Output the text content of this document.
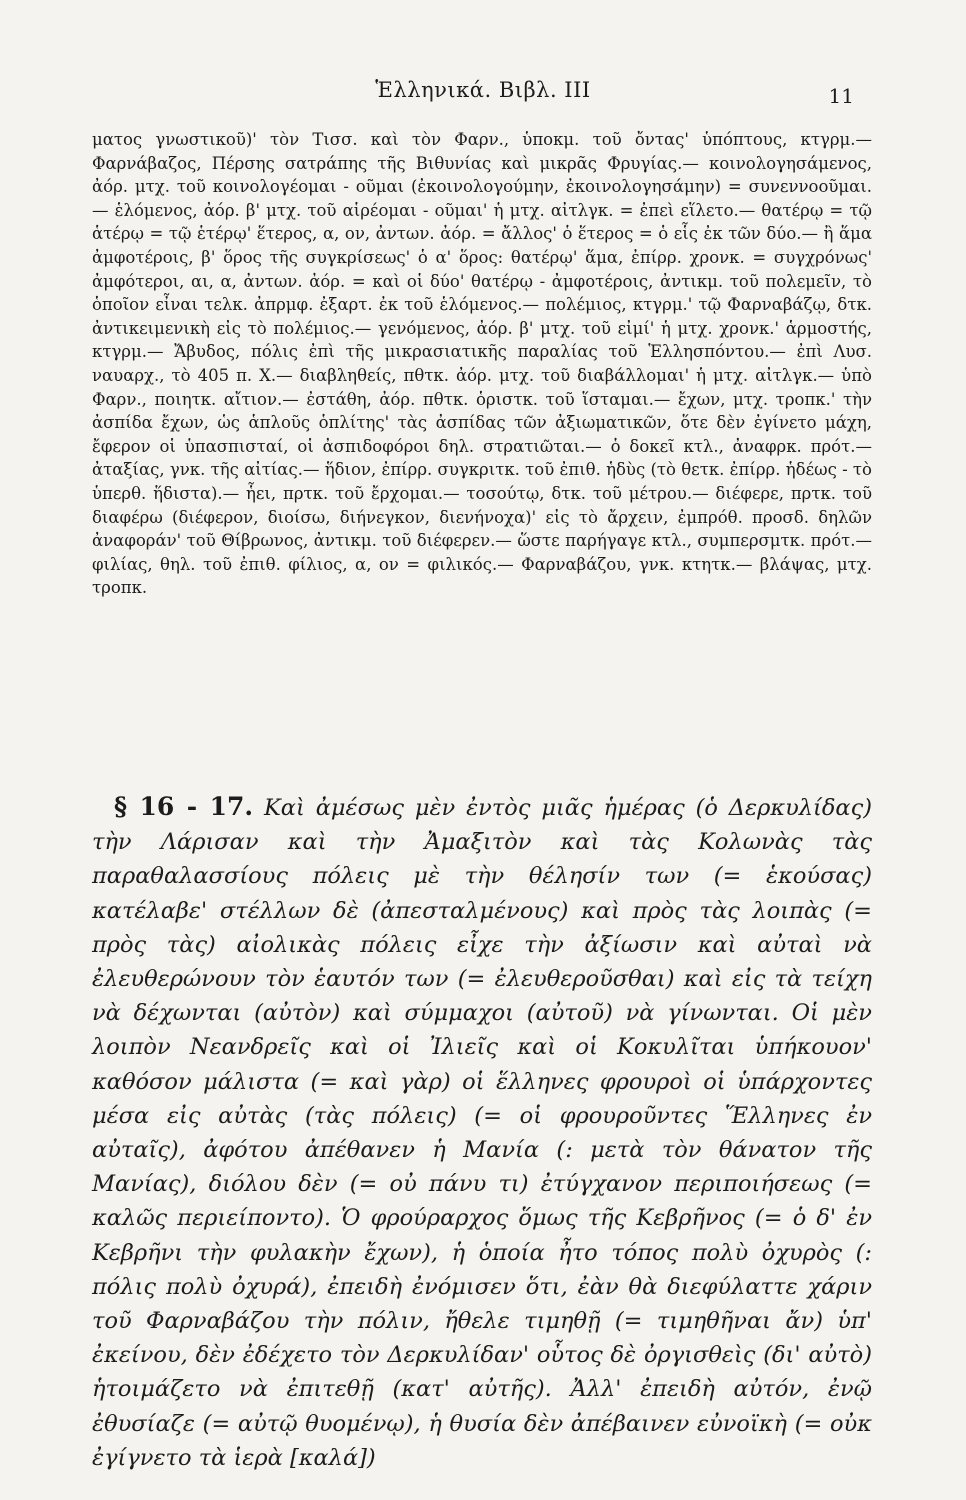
Ἑλληνικά. Βιβλ. III	11

ματος γνωστικοῦ)' τὸν Τισσ. καὶ τὸν Φαρν., ὑποκμ. τοῦ ὄντας' ὑπόπτους, κτγρμ.— Φαρνάβαζος, Πέρσης σατράπης τῆς Βιθυνίας καὶ μικρᾶς Φρυγίας.— κοινολογησάμενος, ἀόρ. μτχ. τοῦ κοινολογέομαι - οῦμαι (ἐκοινολογούμην, ἐκοινολογησάμην) = συνεννοοῦμαι.— ἑλόμενος, ἀόρ. β' μτχ. τοῦ αἱρέομαι - οῦμαι' ἡ μτχ. αἰτλγκ. = ἐπεὶ εἵλετο.— θατέρῳ = τῷ ἁτέρῳ = τῷ ἑτέρῳ' ἕτερος, α, ον, ἀντων. ἀόρ. = ἄλλος' ὁ ἕτερος = ὁ εἷς ἐκ τῶν δύο.— ἢ ἅμα ἀμφοτέροις, β' ὅρος τῆς συγκρίσεως' ὁ α' ὅρος: θατέρῳ' ἅμα, ἐπίρρ. χρονκ. = συγχρόνως' ἀμφότεροι, αι, α, ἀντων. ἀόρ. = καὶ οἱ δύο' θατέρῳ - ἀμφοτέροις, ἀντικμ. τοῦ πολεμεῖν, τὸ ὁποῖον εἶναι τελκ. ἀπρμφ. ἐξαρτ. ἐκ τοῦ ἑλόμενος.— πολέμιος, κτγρμ.' τῷ Φαρναβάζῳ, δτκ. ἀντικειμενικὴ εἰς τὸ πολέμιος.— γενόμενος, ἀόρ. β' μτχ. τοῦ εἰμί' ἡ μτχ. χρονκ.' ἁρμοστής, κτγρμ.— Ἄβυδος, πόλις ἐπὶ τῆς μικρασιατικῆς παραλίας τοῦ Ἑλλησπόντου.— ἐπὶ Λυσ. ναυαρχ., τὸ 405 π. Χ.— διαβληθείς, πθτκ. ἀόρ. μτχ. τοῦ διαβάλλομαι' ἡ μτχ. αἰτλγκ.— ὑπὸ Φαρν., ποιητκ. αἴτιον.— ἐστάθη, ἀόρ. πθτκ. ὁριστκ. τοῦ ἵσταμαι.— ἔχων, μτχ. τροπκ.' τὴν ἀσπίδα ἔχων, ὡς ἁπλοῦς ὁπλίτης' τὰς ἀσπίδας τῶν ἀξιωματικῶν, ὅτε δὲν ἐγίνετο μάχη, ἔφερον οἱ ὑπασπισταί, οἱ ἀσπιδοφόροι δηλ. στρατιῶται.— ὁ δοκεῖ κτλ., ἀναφρκ. πρότ.— ἀταξίας, γνκ. τῆς αἰτίας.— ἥδιον, ἐπίρρ. συγκριτκ. τοῦ ἐπιθ. ἡδὺς (τὸ θετκ. ἐπίρρ. ἡδέως - τὸ ὑπερθ. ἥδιστα).— ἧει, πρτκ. τοῦ ἔρχομαι.— τοσούτῳ, δτκ. τοῦ μέτρου.— διέφερε, πρτκ. τοῦ διαφέρω (διέφερον, διοίσω, διήνεγκον, διενήνοχα)' εἰς τὸ ἄρχειν, ἐμπρόθ. προσδ. δηλῶν ἀναφοράν' τοῦ Θίβρωνος, ἀντικμ. τοῦ διέφερεν.— ὥστε παρήγαγε κτλ., συμπερσμτκ. πρότ.— φιλίας, θηλ. τοῦ ἐπιθ. φίλιος, α, ον = φιλικός.— Φαρναβάζου, γνκ. κτητκ.— βλάψας, μτχ. τροπκ.

§ 16 - 17. Καὶ ἀμέσως μὲν ἐντὸς μιᾶς ἡμέρας (ὁ Δερκυλίδας) τὴν Λάρισαν καὶ τὴν Ἀμαξιτὸν καὶ τὰς Κολωνὰς τὰς παραθαλασσίους πόλεις μὲ τὴν θέλησίν των (= ἑκούσας) κατέλαβε' στέλλων δὲ (ἀπεσταλμένους) καὶ πρὸς τὰς λοιπὰς (= πρὸς τὰς) αἰολικὰς πόλεις εἶχε τὴν ἀξίωσιν καὶ αὐταὶ νὰ ἐλευθερώνουν τὸν ἑαυτόν των (= ἐλευθεροῦσθαι) καὶ εἰς τὰ τείχη νὰ δέχωνται (αὐτὸν) καὶ σύμμαχοι (αὐτοῦ) νὰ γίνωνται. Οἱ μὲν λοιπὸν Νεανδρεῖς καὶ οἱ Ἰλιεῖς καὶ οἱ Κοκυλῖται ὑπήκουον' καθόσον μάλιστα (= καὶ γὰρ) οἱ ἕλληνες φρουροὶ οἱ ὑπάρχοντες μέσα εἰς αὐτὰς (τὰς πόλεις) (= οἱ φρουροῦντες Ἕλληνες ἐν αὐταῖς), ἀφότου ἀπέθανεν ἡ Μανία (: μετὰ τὸν θάνατον τῆς Μανίας), διόλου δὲν (= οὐ πάνυ τι) ἐτύγχανον περιποιήσεως (= καλῶς περιείποντο). Ὁ φρούραρχος ὅμως τῆς Κεβρῆνος (= ὁ δ' ἐν Κεβρῆνι τὴν φυλακὴν ἔχων), ἡ ὁποία ἦτο τόπος πολὺ ὀχυρὸς (: πόλις πολὺ ὀχυρά), ἐπειδὴ ἐνόμισεν ὅτι, ἐὰν θὰ διεφύλαττε χάριν τοῦ Φαρναβάζου τὴν πόλιν, ἤθελε τιμηθῇ (= τιμηθῆναι ἄν) ὑπ' ἐκείνου, δὲν ἐδέχετο τὸν Δερκυλίδαν' οὗτος δὲ ὀργισθεὶς (δι' αὐτὸ) ἡτοιμάζετο νὰ ἐπιτεθῇ (κατ' αὐτῆς). Ἀλλ' ἐπειδὴ αὐτόν, ἐνῷ ἐθυσίαζε (= αὐτῷ θυομένῳ), ἡ θυσία δὲν ἀπέβαινεν εὐνοϊκὴ (= οὐκ ἐγίγνετο τὰ ἱερὰ [καλά])
